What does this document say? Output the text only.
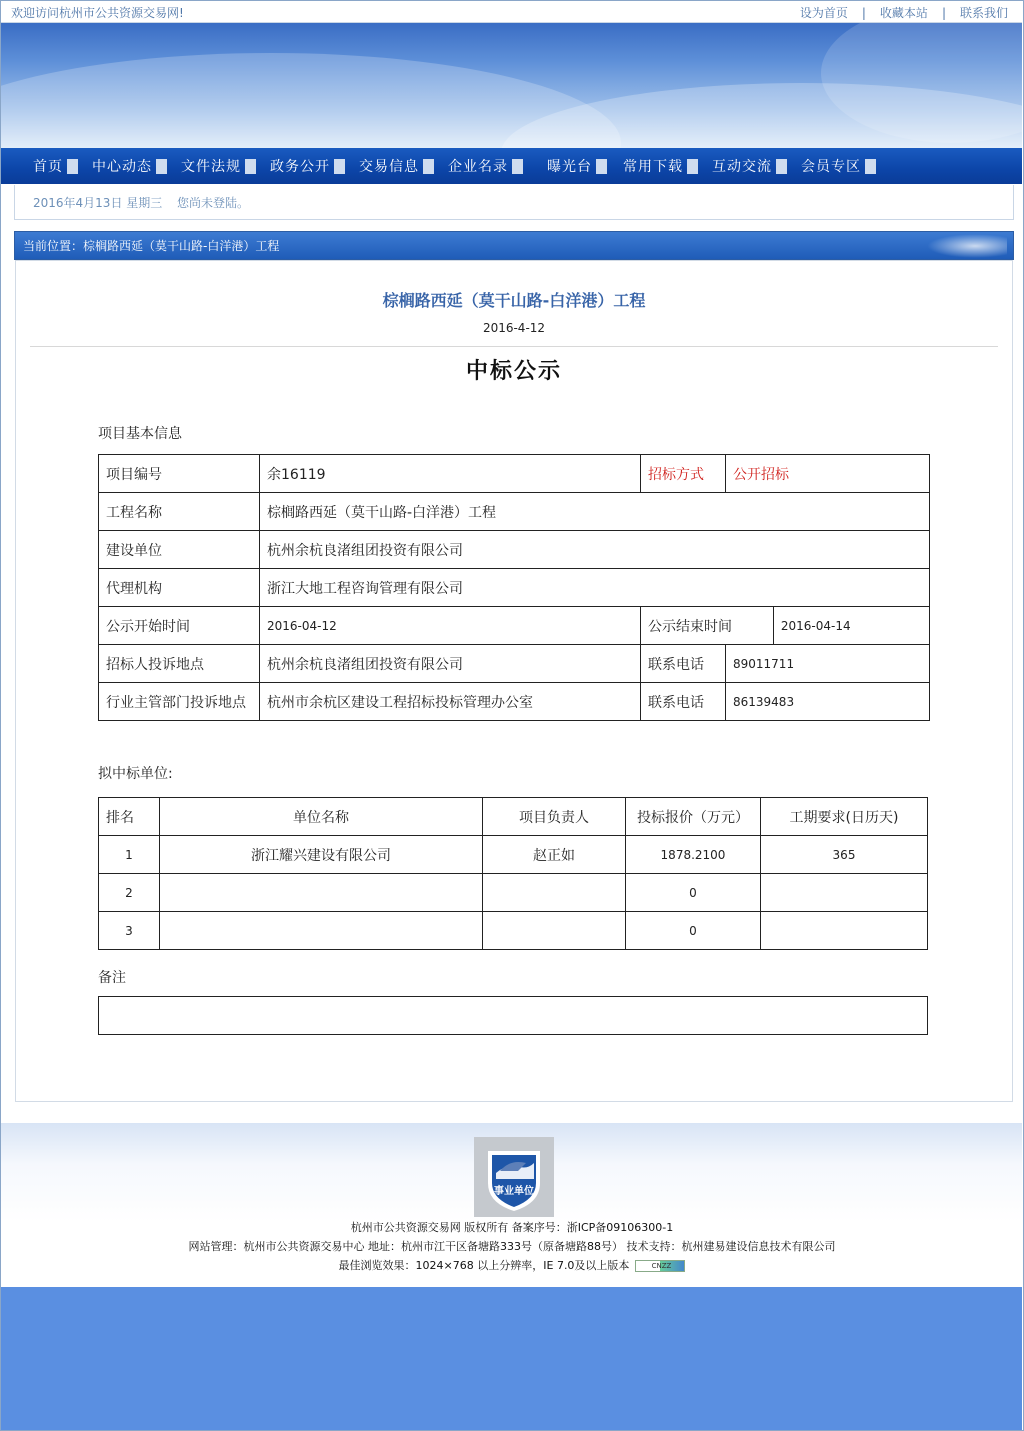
欢迎访问杭州市公共资源交易网!	设为首页 | 收藏本站 | 联系我们
首页 中心动态 文件法规 政务公开 交易信息 企业名录	曝光台 常用下载 互动交流 会员专区
2016年4月13日 星期三 您尚未登陆。
当前位置：棕榈路西延（莫干山路-白洋港）工程
棕榈路西延（莫干山路-白洋港）工程
2016-4-12
中标公示
项目基本信息
项目编号	余16119	招标方式	公开招标	
工程名称	棕榈路西延（莫干山路-白洋港）工程			
建设单位	杭州余杭良渚组团投资有限公司			
代理机构	浙江大地工程咨询管理有限公司			
公示开始时间	2016-04-12	公示结束时间		2016-04-14
招标人投诉地点	杭州余杭良渚组团投资有限公司	联系电话	89011711	
行业主管部门投诉地点	杭州市余杭区建设工程招标投标管理办公室	联系电话	86139483	
拟中标单位:
排名	单位名称	项目负责人	投标报价（万元）	工期要求(日历天)
1	浙江耀兴建设有限公司	赵正如	1878.2100	365
2			0	
3			0	
备注
事业单位
杭州市公共资源交易网 版权所有 备案序号：浙ICP备09106300-1
网站管理：杭州市公共资源交易中心 地址：杭州市江干区备塘路333号（原备塘路88号） 技术支持：杭州建易建设信息技术有限公司
最佳浏览效果：1024×768 以上分辨率，IE 7.0及以上版本	CNZZ
